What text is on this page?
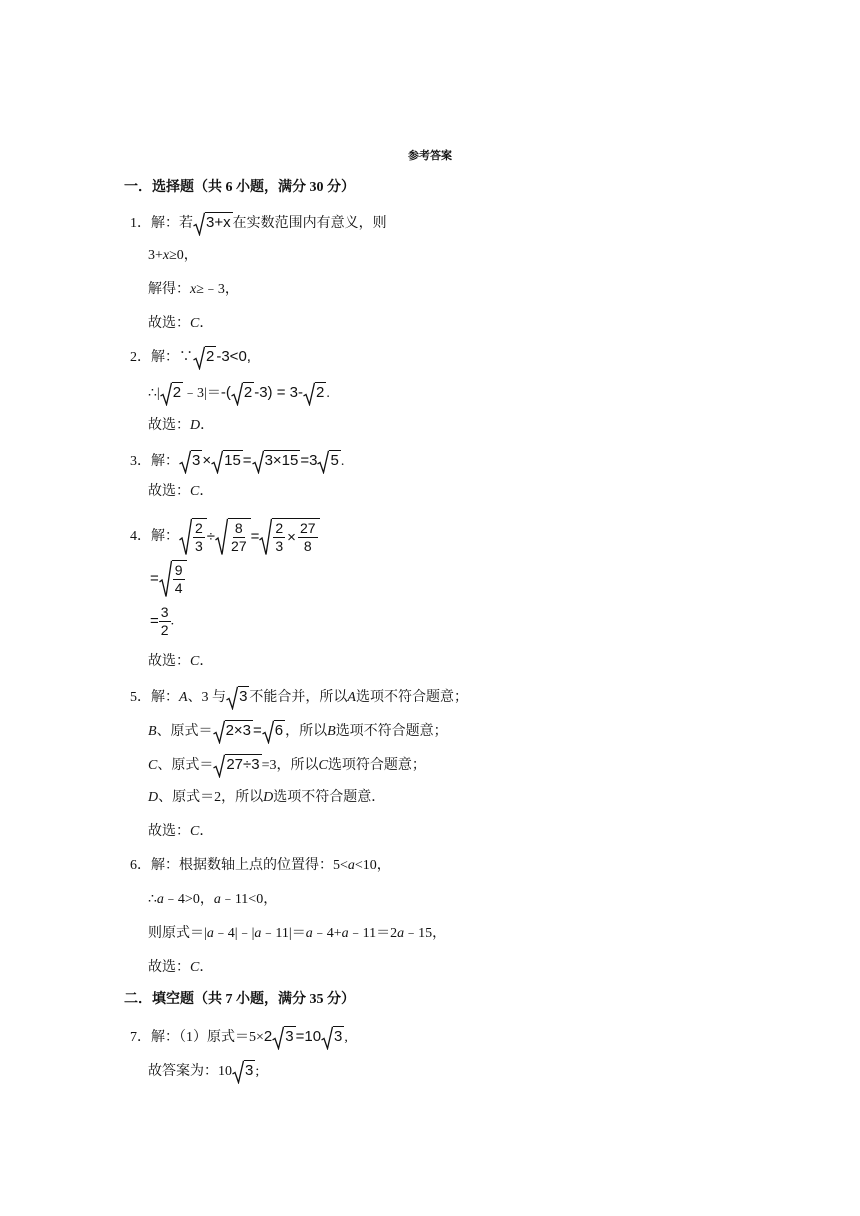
参考答案
一．选择题（共 6 小题，满分 30 分）
1．解：若 3+x 在实数范围内有意义，则
3+x≥0，
解得：x≥﹣3，
故选：C．
2．解：∵ 2 -3<0,
∴| 2 ﹣3|＝-( 2 -3) = 3- 2 .
故选：D．
3．解： 3 × 15 = 3×15 =3 5 .
故选：C．
4．解： $\frac{2}{3} \div \frac{8}{27} = \frac{2}{3} \times \frac{27}{8}$
= $\frac{9}{4}$
= $\frac{3}{2}$ .
故选：C．
5．解：A、3 与 3 不能合并，所以A选项不符合题意；
B、原式＝ 2×3 = 6 ，所以B选项不符合题意；
C、原式＝ 27÷3 =3，所以C选项符合题意；
D、原式＝2，所以D选项不符合题意．
故选：C．
6．解：根据数轴上点的位置得：5<a<10，
∴a﹣4>0，a﹣11<0，
则原式＝|a﹣4|﹣|a﹣11|＝a﹣4+a﹣11＝2a﹣15，
故选：C．
二．填空题（共 7 小题，满分 35 分）
7．解：（1）原式＝5×2 3 =10 3 ,
故答案为：10 3 ;
